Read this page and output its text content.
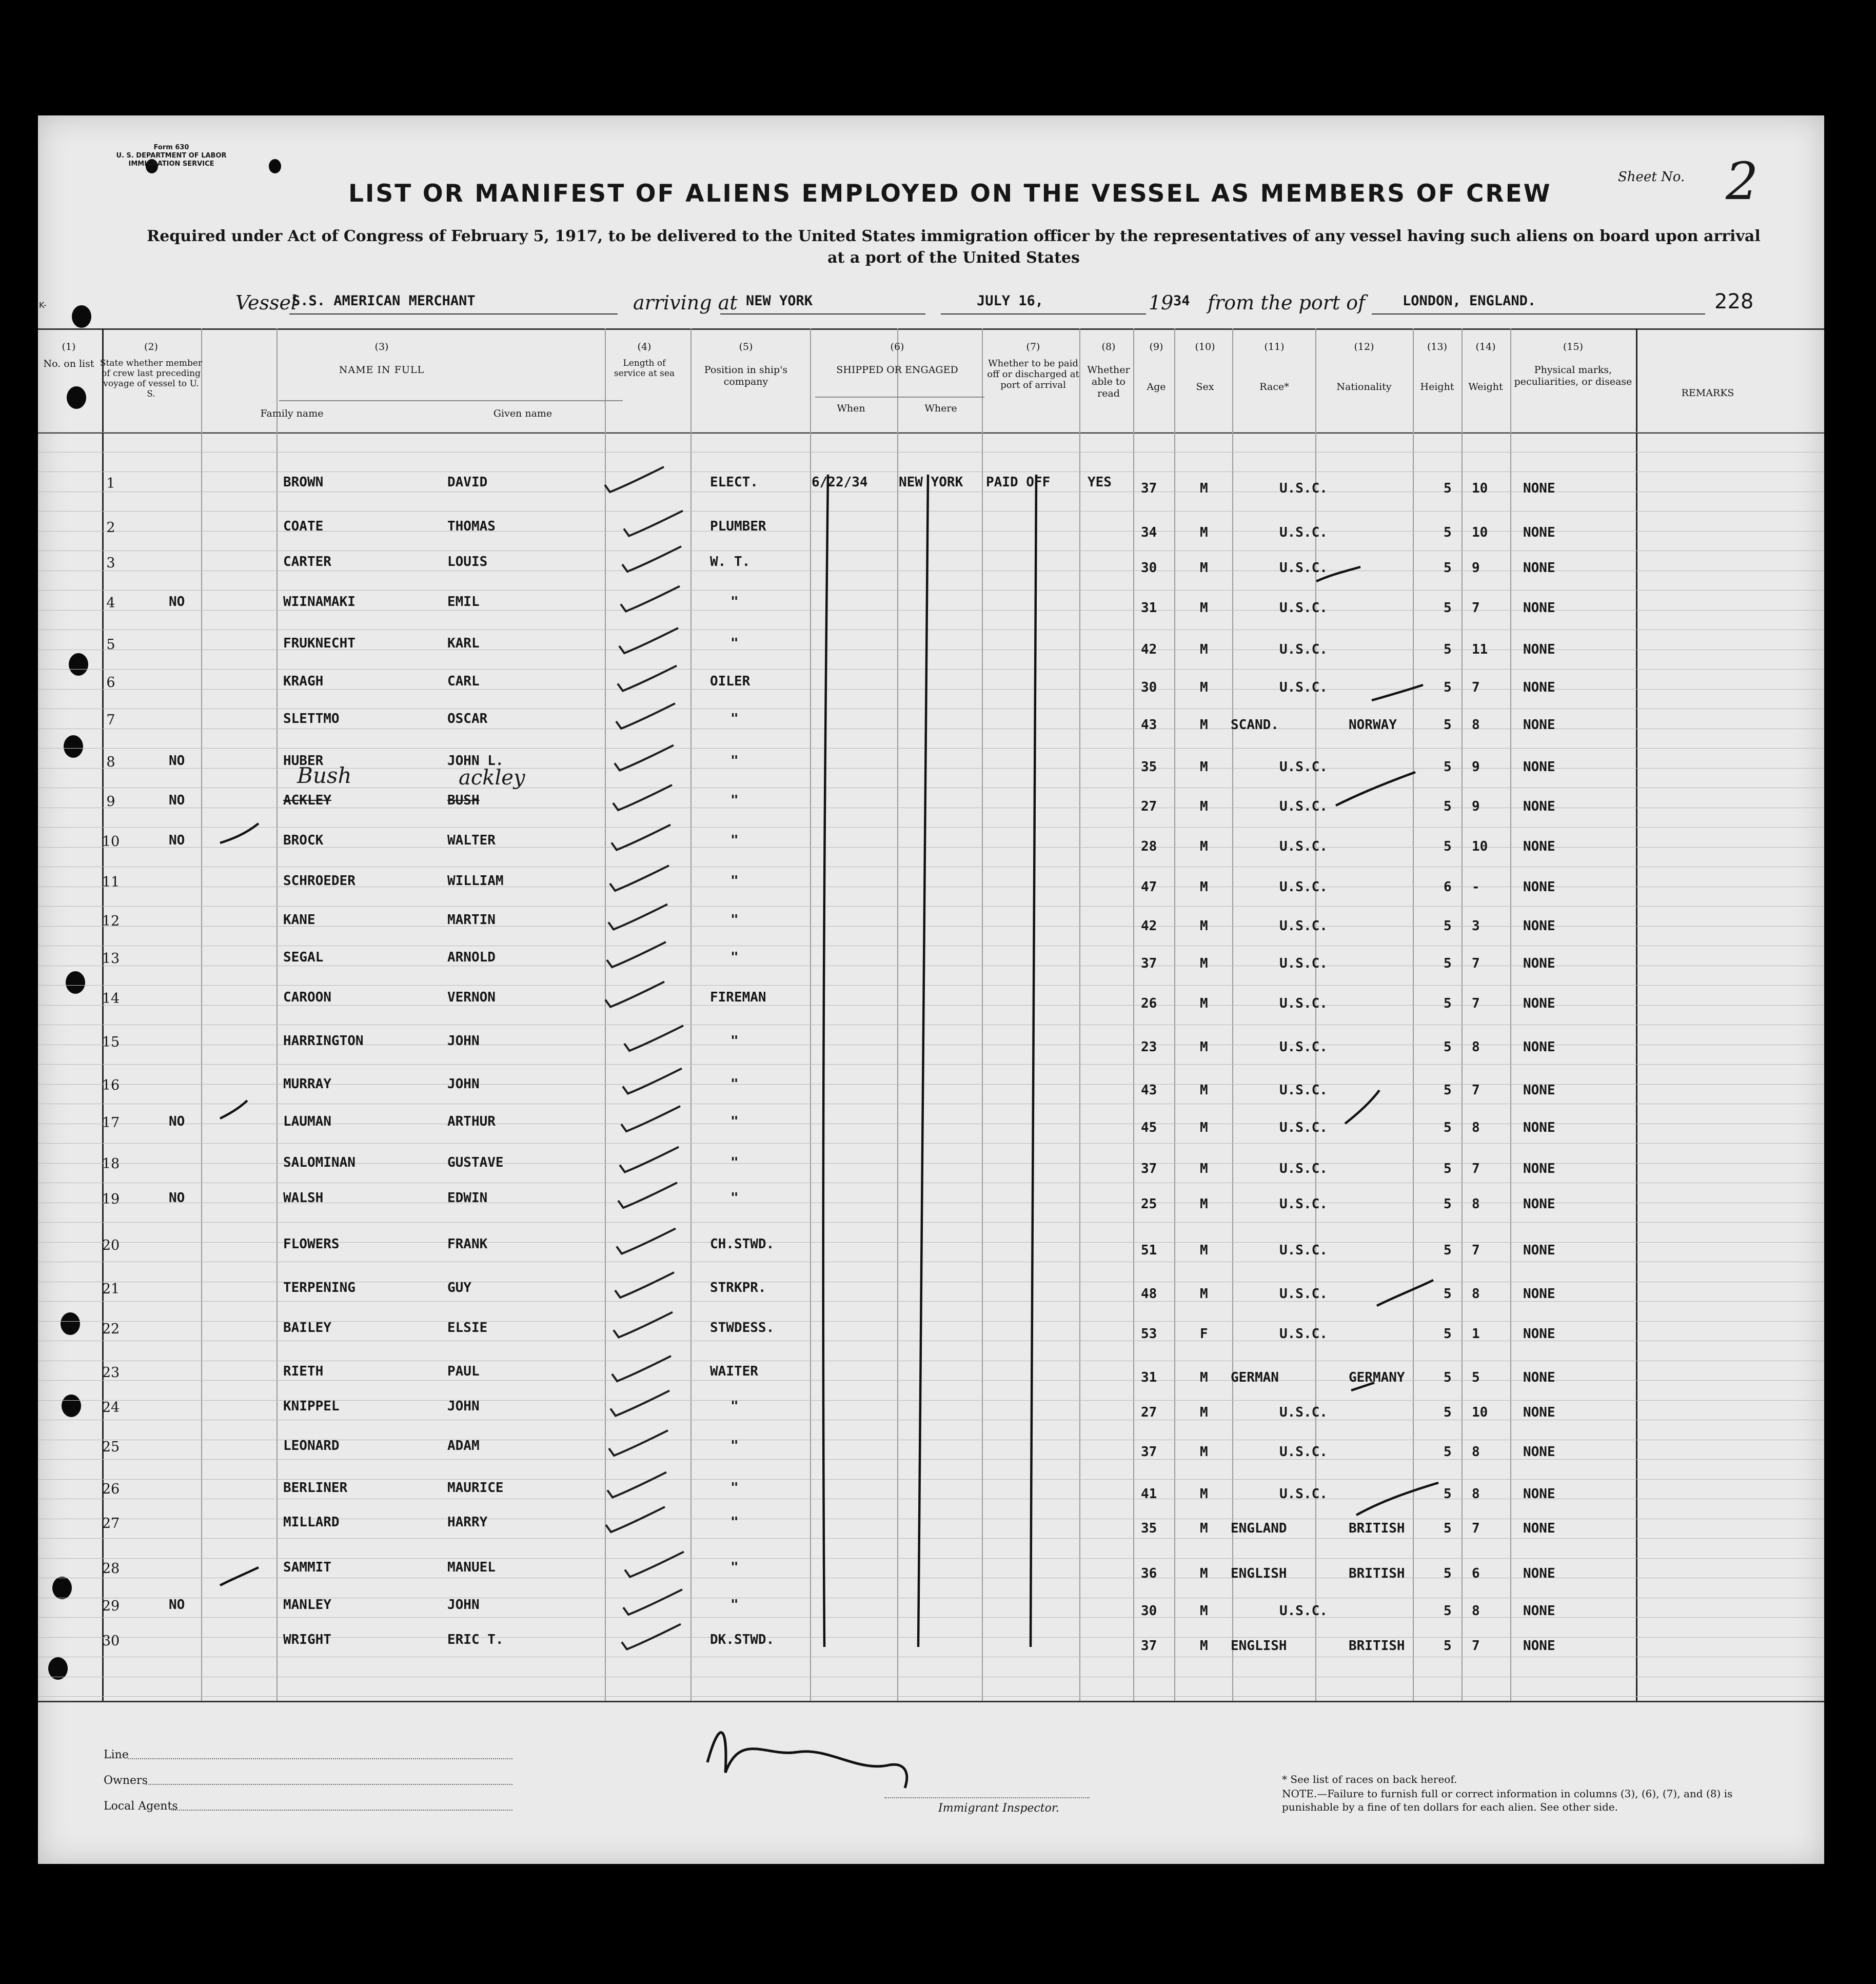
Form 630
U. S. DEPARTMENT OF LABOR
IMMIGRATION SERVICE
Sheet No. 2
LIST OR MANIFEST OF ALIENS EMPLOYED ON THE VESSEL AS MEMBERS OF CREW
Required under Act of Congress of February 5, 1917, to be delivered to the United States immigration officer by the representatives of any vessel having such aliens on board upon arrival at a port of the United States
K-	Vessel
S.S. AMERICAN MERCHANT	arriving at NEW YORK	JULY 16,	19 34 from the port of	LONDON, ENGLAND.	228
(1)
No. on list
(2)
State whether member of crew last preceding voyage of vessel to U. S.
(3)
NAME IN FULL
Family name	Given name
(4)
Length of service at sea
(5)
Position in ship's company
(6)
SHIPPED OR ENGAGED
When	Where
(7)
Whether to be paid off or discharged at port of arrival
(8)
Whether able to read
(9)
Age
(10)
Sex
(11)
Race*
(12)
Nationality
(13)
Height
(14)
Weight
(15)
Physical marks, peculiarities, or disease
REMARKS
1	BROWN	DAVID	ELECT.	6/22/34 NEW YORK PAID OFF	YES 37	M	U.S.C.	5 10	NONE
2	COATE	THOMAS	PLUMBER	34	M	U.S.C.	5 10	NONE
3	CARTER	LOUIS	W. T.	30	M	U.S.C.	5 9	NONE
4	NO	WIINAMAKI	EMIL	"	31	M	U.S.C.	5 7	NONE
5	FRUKNECHT	KARL	"	42	M	U.S.C.	5 11	NONE
6	KRAGH	CARL	OILER	30	M	U.S.C.	5 7	NONE
7	SLETTMO	OSCAR	"	43	M SCAND.	NORWAY	5 8	NONE
8	NO	HUBER	JOHN L.	"	35	M	U.S.C.	5 9	NONE
9	NO	ACKLEY	BUSH	"	27	M	U.S.C.	5 9	NONE
10	NO	BROCK	WALTER	"	28	M	U.S.C.	5 10	NONE
11	SCHROEDER	WILLIAM	"	47	M	U.S.C.	6 -	NONE
12	KANE	MARTIN	"	42	M	U.S.C.	5 3	NONE
13	SEGAL	ARNOLD	"	37	M	U.S.C.	5 7	NONE
14	CAROON	VERNON	FIREMAN	26	M	U.S.C.	5 7	NONE
15	HARRINGTON	JOHN	"	23	M	U.S.C.	5 8	NONE
16	MURRAY	JOHN	"	43	M	U.S.C.	5 7	NONE
17	NO	LAUMAN	ARTHUR	"	45	M	U.S.C.	5 8	NONE
18	SALOMINAN	GUSTAVE	"	37	M	U.S.C.	5 7	NONE
19	NO	WALSH	EDWIN	"	25	M	U.S.C.	5 8	NONE
20	FLOWERS	FRANK	CH.STWD.	51	M	U.S.C.	5 7	NONE
21	TERPENING	GUY	STRKPR.	48	M	U.S.C.	5 8	NONE
22	BAILEY	ELSIE	STWDESS.	53	F	U.S.C.	5 1	NONE
23	RIETH	PAUL	WAITER	31	M GERMAN	GERMANY	5 5	NONE
24	KNIPPEL	JOHN	"	27	M	U.S.C.	5 10	NONE
25	LEONARD	ADAM	"	37	M	U.S.C.	5 8	NONE
26	BERLINER	MAURICE	"	41	M	U.S.C.	5 8	NONE
27	MILLARD	HARRY	"	35	M ENGLAND	BRITISH	5 7	NONE
28	SAMMIT	MANUEL	"	36	M ENGLISH	BRITISH	5 6	NONE
29	NO	MANLEY	JOHN	"	30	M	U.S.C.	5 8	NONE
30	WRIGHT	ERIC T.	DK.STWD.	37	M ENGLISH	BRITISH	5 7	NONE
Bush	ackley
Line
Owners
Local Agents	Immigrant Inspector.
* See list of races on back hereof.
NOTE.—Failure to furnish full or correct information in columns (3), (6), (7), and (8) is punishable by a fine of ten dollars for each alien. See other side.
